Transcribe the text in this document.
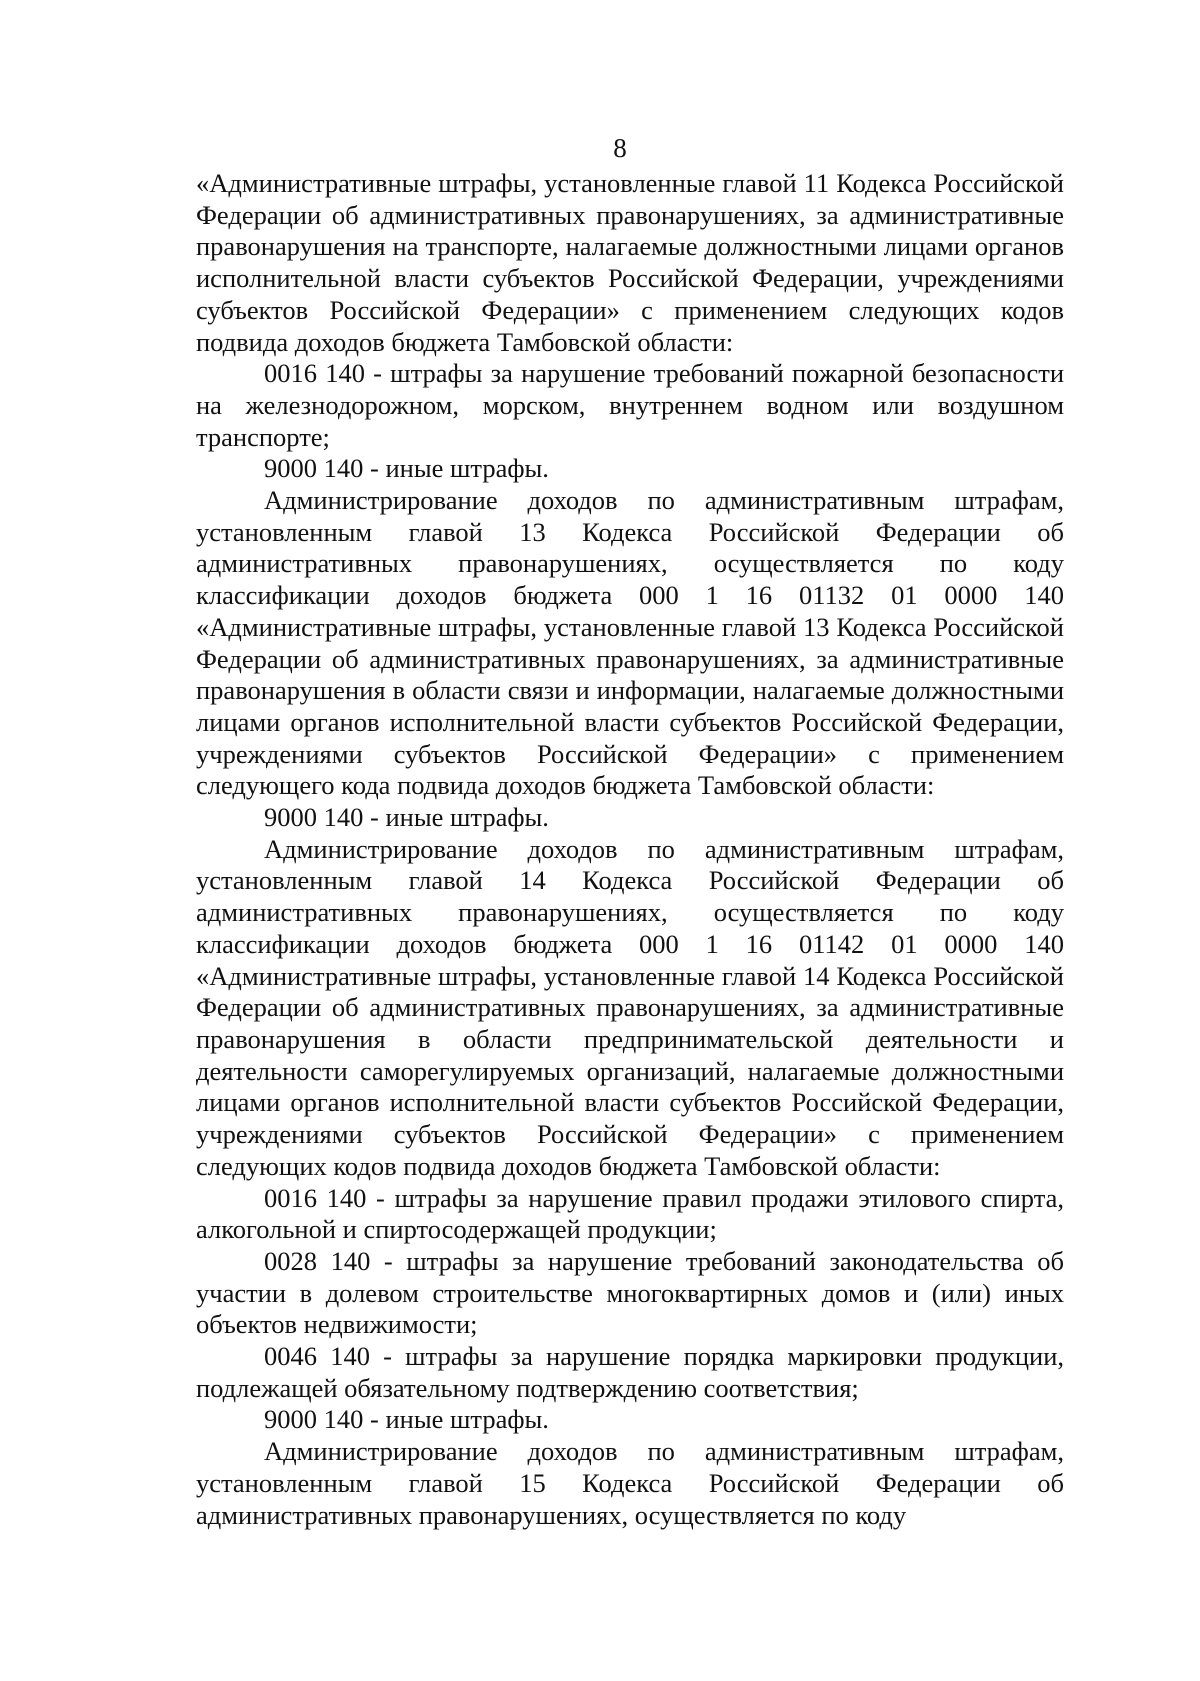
8

«Административные штрафы, установленные главой 11 Кодекса Российской Федерации об административных правонарушениях, за административные правонарушения на транспорте, налагаемые должностными лицами органов исполнительной власти субъектов Российской Федерации, учреждениями субъектов Российской Федерации» с применением следующих кодов подвида доходов бюджета Тамбовской области:

0016 140 - штрафы за нарушение требований пожарной безопасности на железнодорожном, морском, внутреннем водном или воздушном транспорте;

9000 140 - иные штрафы.

Администрирование доходов по административным штрафам, установленным главой 13 Кодекса Российской Федерации об административных правонарушениях, осуществляется по коду классификации доходов бюджета 000 1 16 01132 01 0000 140 «Административные штрафы, установленные главой 13 Кодекса Российской Федерации об административных правонарушениях, за административные правонарушения в области связи и информации, налагаемые должностными лицами органов исполнительной власти субъектов Российской Федерации, учреждениями субъектов Российской Федерации» с применением следующего кода подвида доходов бюджета Тамбовской области:

9000 140 - иные штрафы.

Администрирование доходов по административным штрафам, установленным главой 14 Кодекса Российской Федерации об административных правонарушениях, осуществляется по коду классификации доходов бюджета 000 1 16 01142 01 0000 140 «Административные штрафы, установленные главой 14 Кодекса Российской Федерации об административных правонарушениях, за административные правонарушения в области предпринимательской деятельности и деятельности саморегулируемых организаций, налагаемые должностными лицами органов исполнительной власти субъектов Российской Федерации, учреждениями субъектов Российской Федерации» с применением следующих кодов подвида доходов бюджета Тамбовской области:

0016 140 - штрафы за нарушение правил продажи этилового спирта, алкогольной и спиртосодержащей продукции;

0028 140 - штрафы за нарушение требований законодательства об участии в долевом строительстве многоквартирных домов и (или) иных объектов недвижимости;

0046 140 - штрафы за нарушение порядка маркировки продукции, подлежащей обязательному подтверждению соответствия;

9000 140 - иные штрафы.

Администрирование доходов по административным штрафам, установленным главой 15 Кодекса Российской Федерации об административных правонарушениях, осуществляется по коду
